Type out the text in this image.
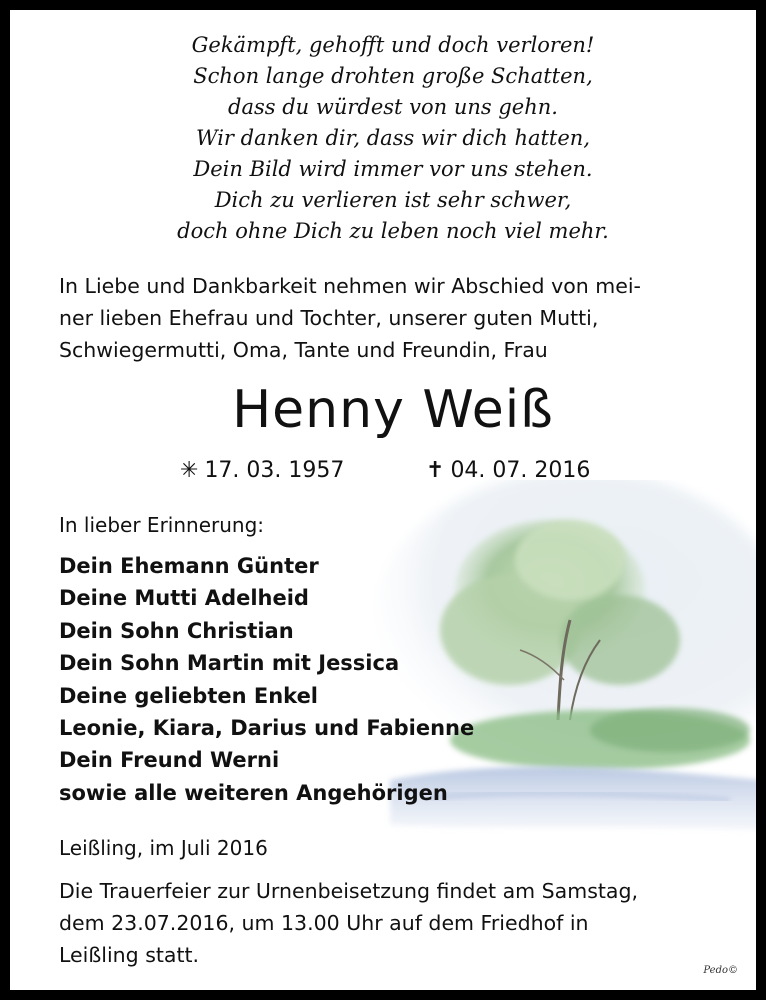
Gekämpft, gehofft und doch verloren!
Schon lange drohten große Schatten,
dass du würdest von uns gehn.
Wir danken dir, dass wir dich hatten,
Dein Bild wird immer vor uns stehen.
Dich zu verlieren ist sehr schwer,
doch ohne Dich zu leben noch viel mehr.
In Liebe und Dankbarkeit nehmen wir Abschied von mei-
ner lieben Ehefrau und Tochter, unserer guten Mutti,
Schwiegermutti, Oma, Tante und Freundin, Frau
Henny Weiß
✳ 17. 03. 1957	✝ 04. 07. 2016
In lieber Erinnerung:
Dein Ehemann Günter
Deine Mutti Adelheid
Dein Sohn Christian
Dein Sohn Martin mit Jessica
Deine geliebten Enkel
Leonie, Kiara, Darius und Fabienne
Dein Freund Werni
sowie alle weiteren Angehörigen
Leißling, im Juli 2016
Die Trauerfeier zur Urnenbeisetzung findet am Samstag,
dem 23.07.2016, um 13.00 Uhr auf dem Friedhof in
Leißling statt.
Pedo©
